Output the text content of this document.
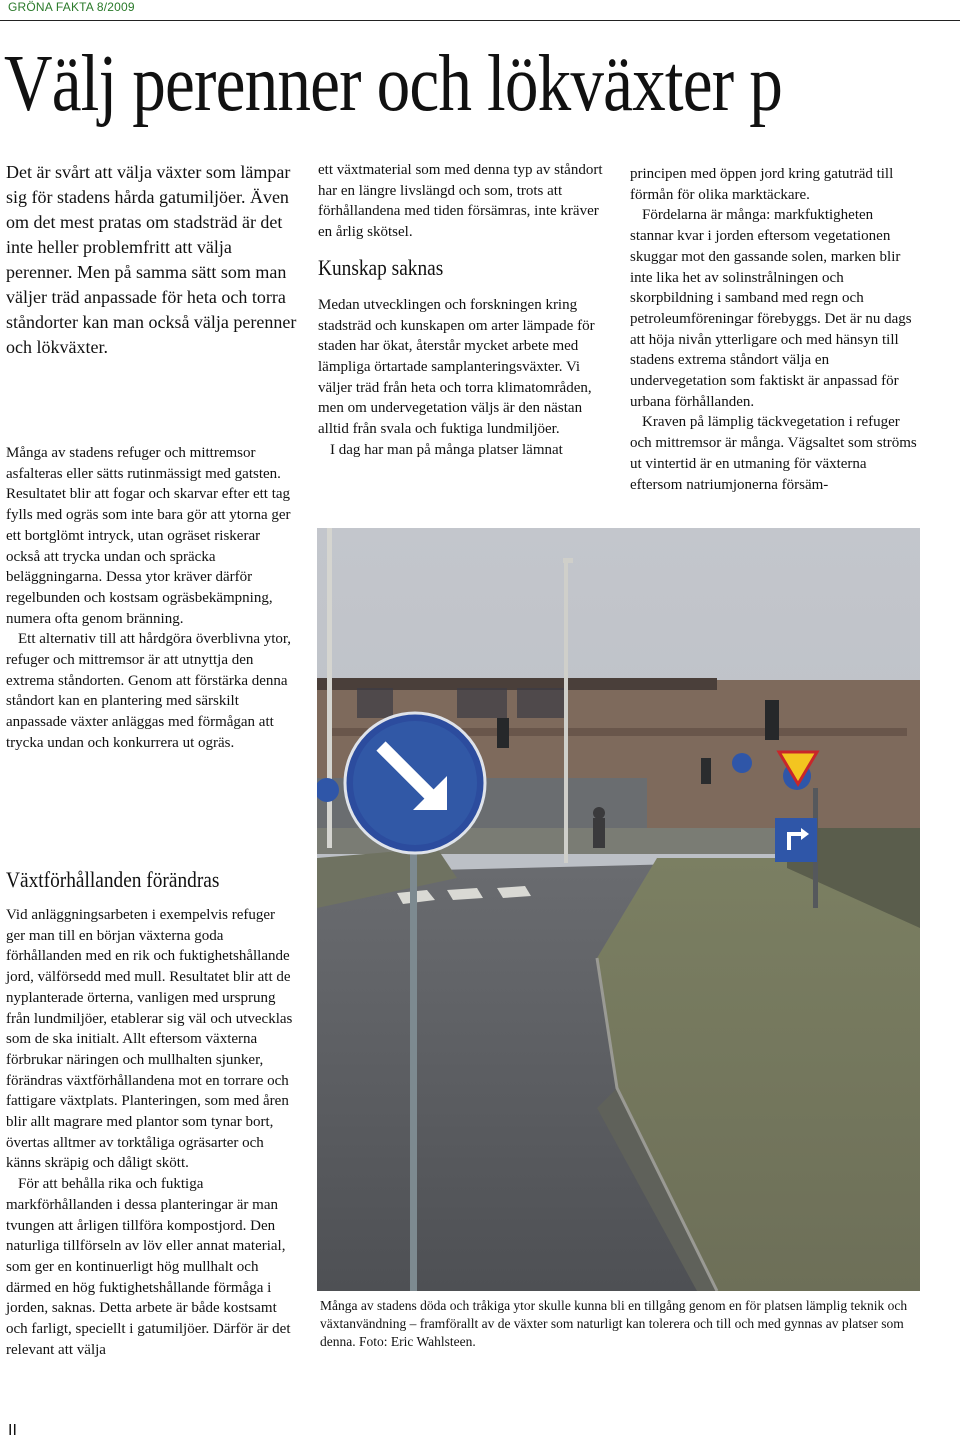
GRÖNA FAKTA 8/2009
Välj perenner och lökväxter p
Det är svårt att välja växter som lämpar sig för stadens hårda gatumiljöer. Även om det mest pratas om stadsträd är det inte heller problemfritt att välja perenner. Men på samma sätt som man väljer träd anpassade för heta och torra ståndorter kan man också välja perenner och lökväxter.

Många av stadens refuger och mittremsor asfalteras eller sätts rutinmässigt med gatsten. Resultatet blir att fogar och skarvar efter ett tag fylls med ogräs som inte bara gör att ytorna ger ett bortglömt intryck, utan ogräset riskerar också att trycka undan och spräcka beläggningarna. Dessa ytor kräver därför regelbunden och kostsam ogräsbekämpning, numera ofta genom bränning.

Ett alternativ till att hårdgöra överblivna ytor, refuger och mittremsor är att utnyttja den extrema ståndorten. Genom att förstärka denna ståndort kan en plantering med särskilt anpassade växter anläggas med förmågan att trycka undan och konkurrera ut ogräs.

Växtförhållanden förändras

Vid anläggningsarbeten i exempelvis refuger ger man till en början växterna goda förhållanden med en rik och fuktighetshållande jord, välförsedd med mull. Resultatet blir att de nyplanterade örterna, vanligen med ursprung från lundmiljöer, etablerar sig väl och utvecklas som de ska initialt. Allt eftersom växterna förbrukar näringen och mullhalten sjunker, förändras växtförhållandena mot en torrare och fattigare växtplats. Planteringen, som med åren blir allt magrare med plantor som tynar bort, övertas alltmer av torktåliga ogräsarter och känns skräpig och dåligt skött.

För att behålla rika och fuktiga markförhållanden i dessa planteringar är man tvungen att årligen tillföra kompostjord. Den naturliga tillförseln av löv eller annat material, som ger en kontinuerligt hög mullhalt och därmed en hög fuktighetshållande förmåga i jorden, saknas. Detta arbete är både kostsamt och farligt, speciellt i gatumiljöer. Därför är det relevant att välja

ett växtmaterial som med denna typ av ståndort har en längre livslängd och som, trots att förhållandena med tiden försämras, inte kräver en årlig skötsel.

Kunskap saknas

Medan utvecklingen och forskningen kring stadsträd och kunskapen om arter lämpade för staden har ökat, återstår mycket arbete med lämpliga örtartade samplanteringsväxter. Vi väljer träd från heta och torra klimatområden, men om undervegetation väljs är den nästan alltid från svala och fuktiga lundmiljöer.

I dag har man på många platser lämnat

principen med öppen jord kring gatuträd till förmån för olika marktäckare.

Fördelarna är många: markfuktigheten stannar kvar i jorden eftersom vegetationen skuggar mot den gassande solen, marken blir inte lika het av solinstrålningen och skorpbildning i samband med regn och petroleumföreningar förebyggs. Det är nu dags att höja nivån ytterligare och med hänsyn till stadens extrema ståndort välja en undervegetation som faktiskt är anpassad för urbana förhållanden.

Kraven på lämplig täckvegetation i refuger och mittremsor är många. Vägsaltet som ströms ut vintertid är en utmaning för växterna eftersom natriumjonerna försäm-

Många av stadens döda och tråkiga ytor skulle kunna bli en tillgång genom en för platsen lämplig teknik och växtanvändning – framförallt av de växter som naturligt kan tolerera och till och med gynnas av platser som denna. Foto: Eric Wahlsteen.
II
